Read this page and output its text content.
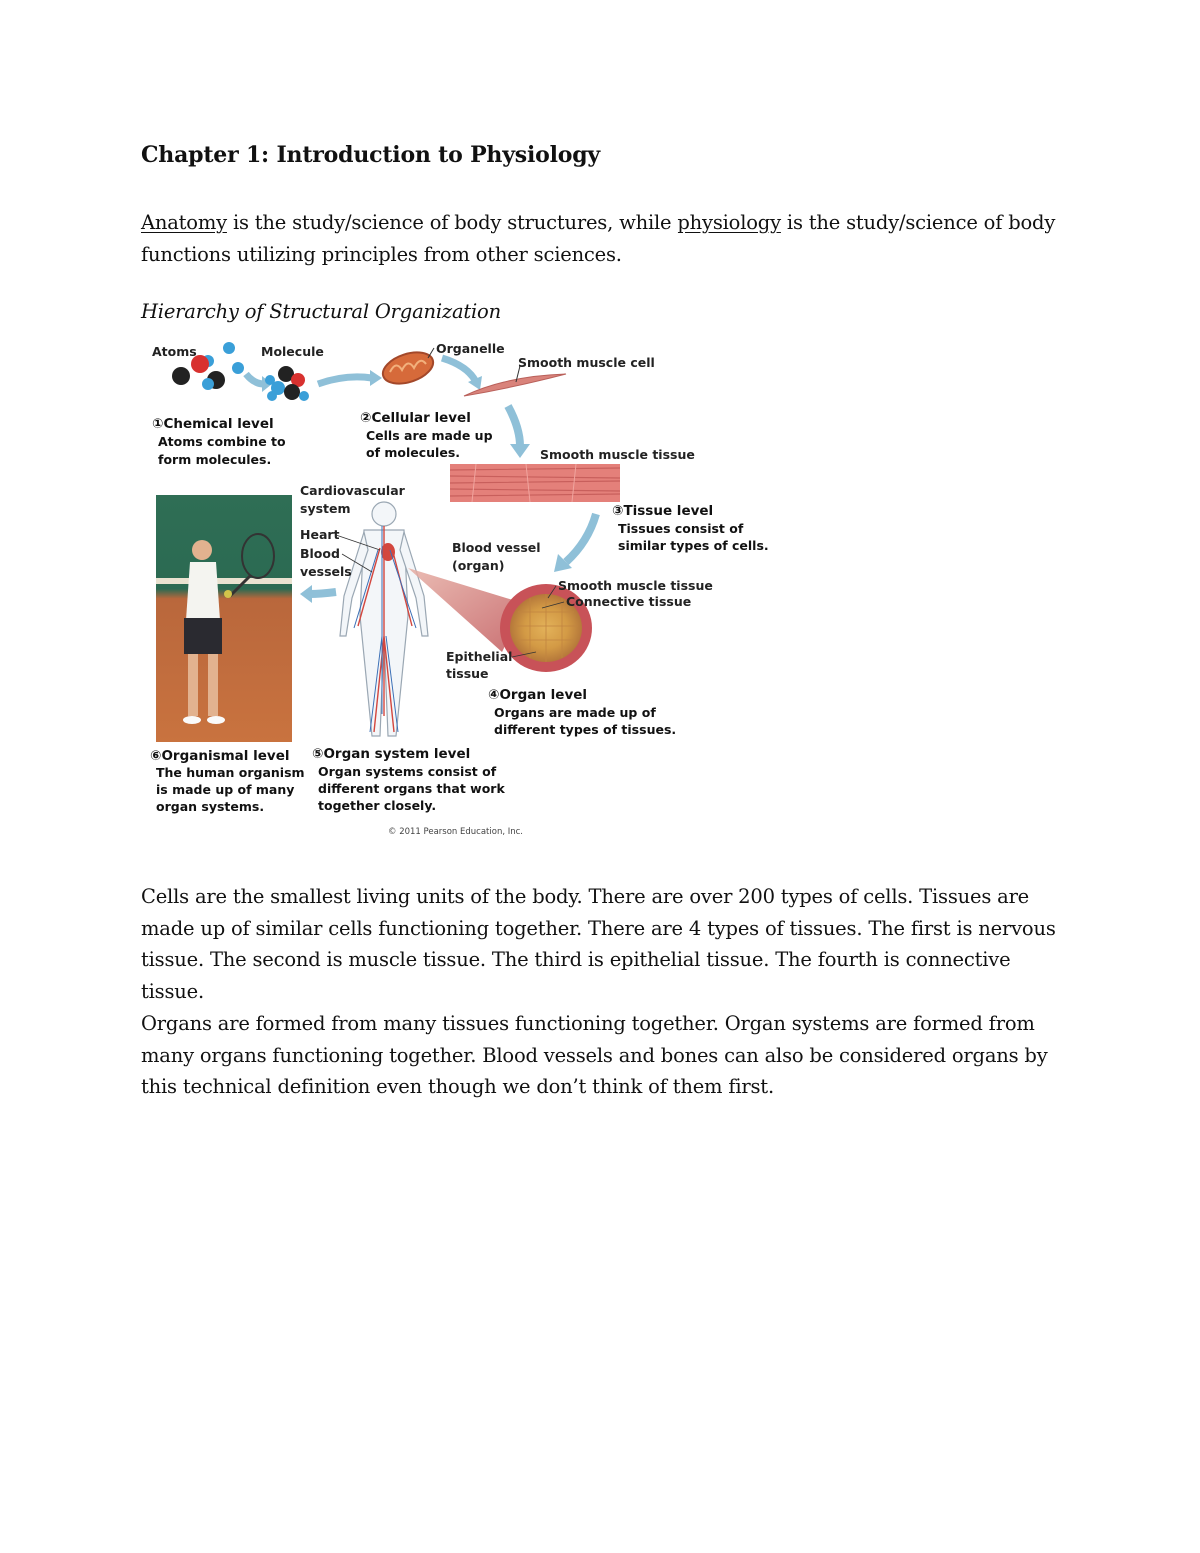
Chapter 1: Introduction to Physiology

Anatomy is the study/science of body structures, while physiology is the study/science of body functions utilizing principles from other sciences.

Hierarchy of Structural Organization

Atoms	Molecule	Organelle
Smooth muscle cell
①Chemical level
Atoms combine to
form molecules.
②Cellular level
Cells are made up
of molecules.	Smooth muscle tissue
③Tissue level
Tissues consist of
similar types of cells.
Cardiovascular
system
Heart
Blood
vessels
Blood vessel
(organ)
Smooth muscle tissue
Connective tissue
Epithelial
tissue
④Organ level
Organs are made up of
different types of tissues.
⑤Organ system level
Organ systems consist of
different organs that work
together closely.
⑥Organismal level
The human organism
is made up of many
organ systems.
© 2011 Pearson Education, Inc.

Cells are the smallest living units of the body. There are over 200 types of cells. Tissues are made up of similar cells functioning together. There are 4 types of tissues. The first is nervous tissue. The second is muscle tissue. The third is epithelial tissue. The fourth is connective tissue.

Organs are formed from many tissues functioning together. Organ systems are formed from many organs functioning together. Blood vessels and bones can also be considered organs by this technical definition even though we don’t think of them first.
